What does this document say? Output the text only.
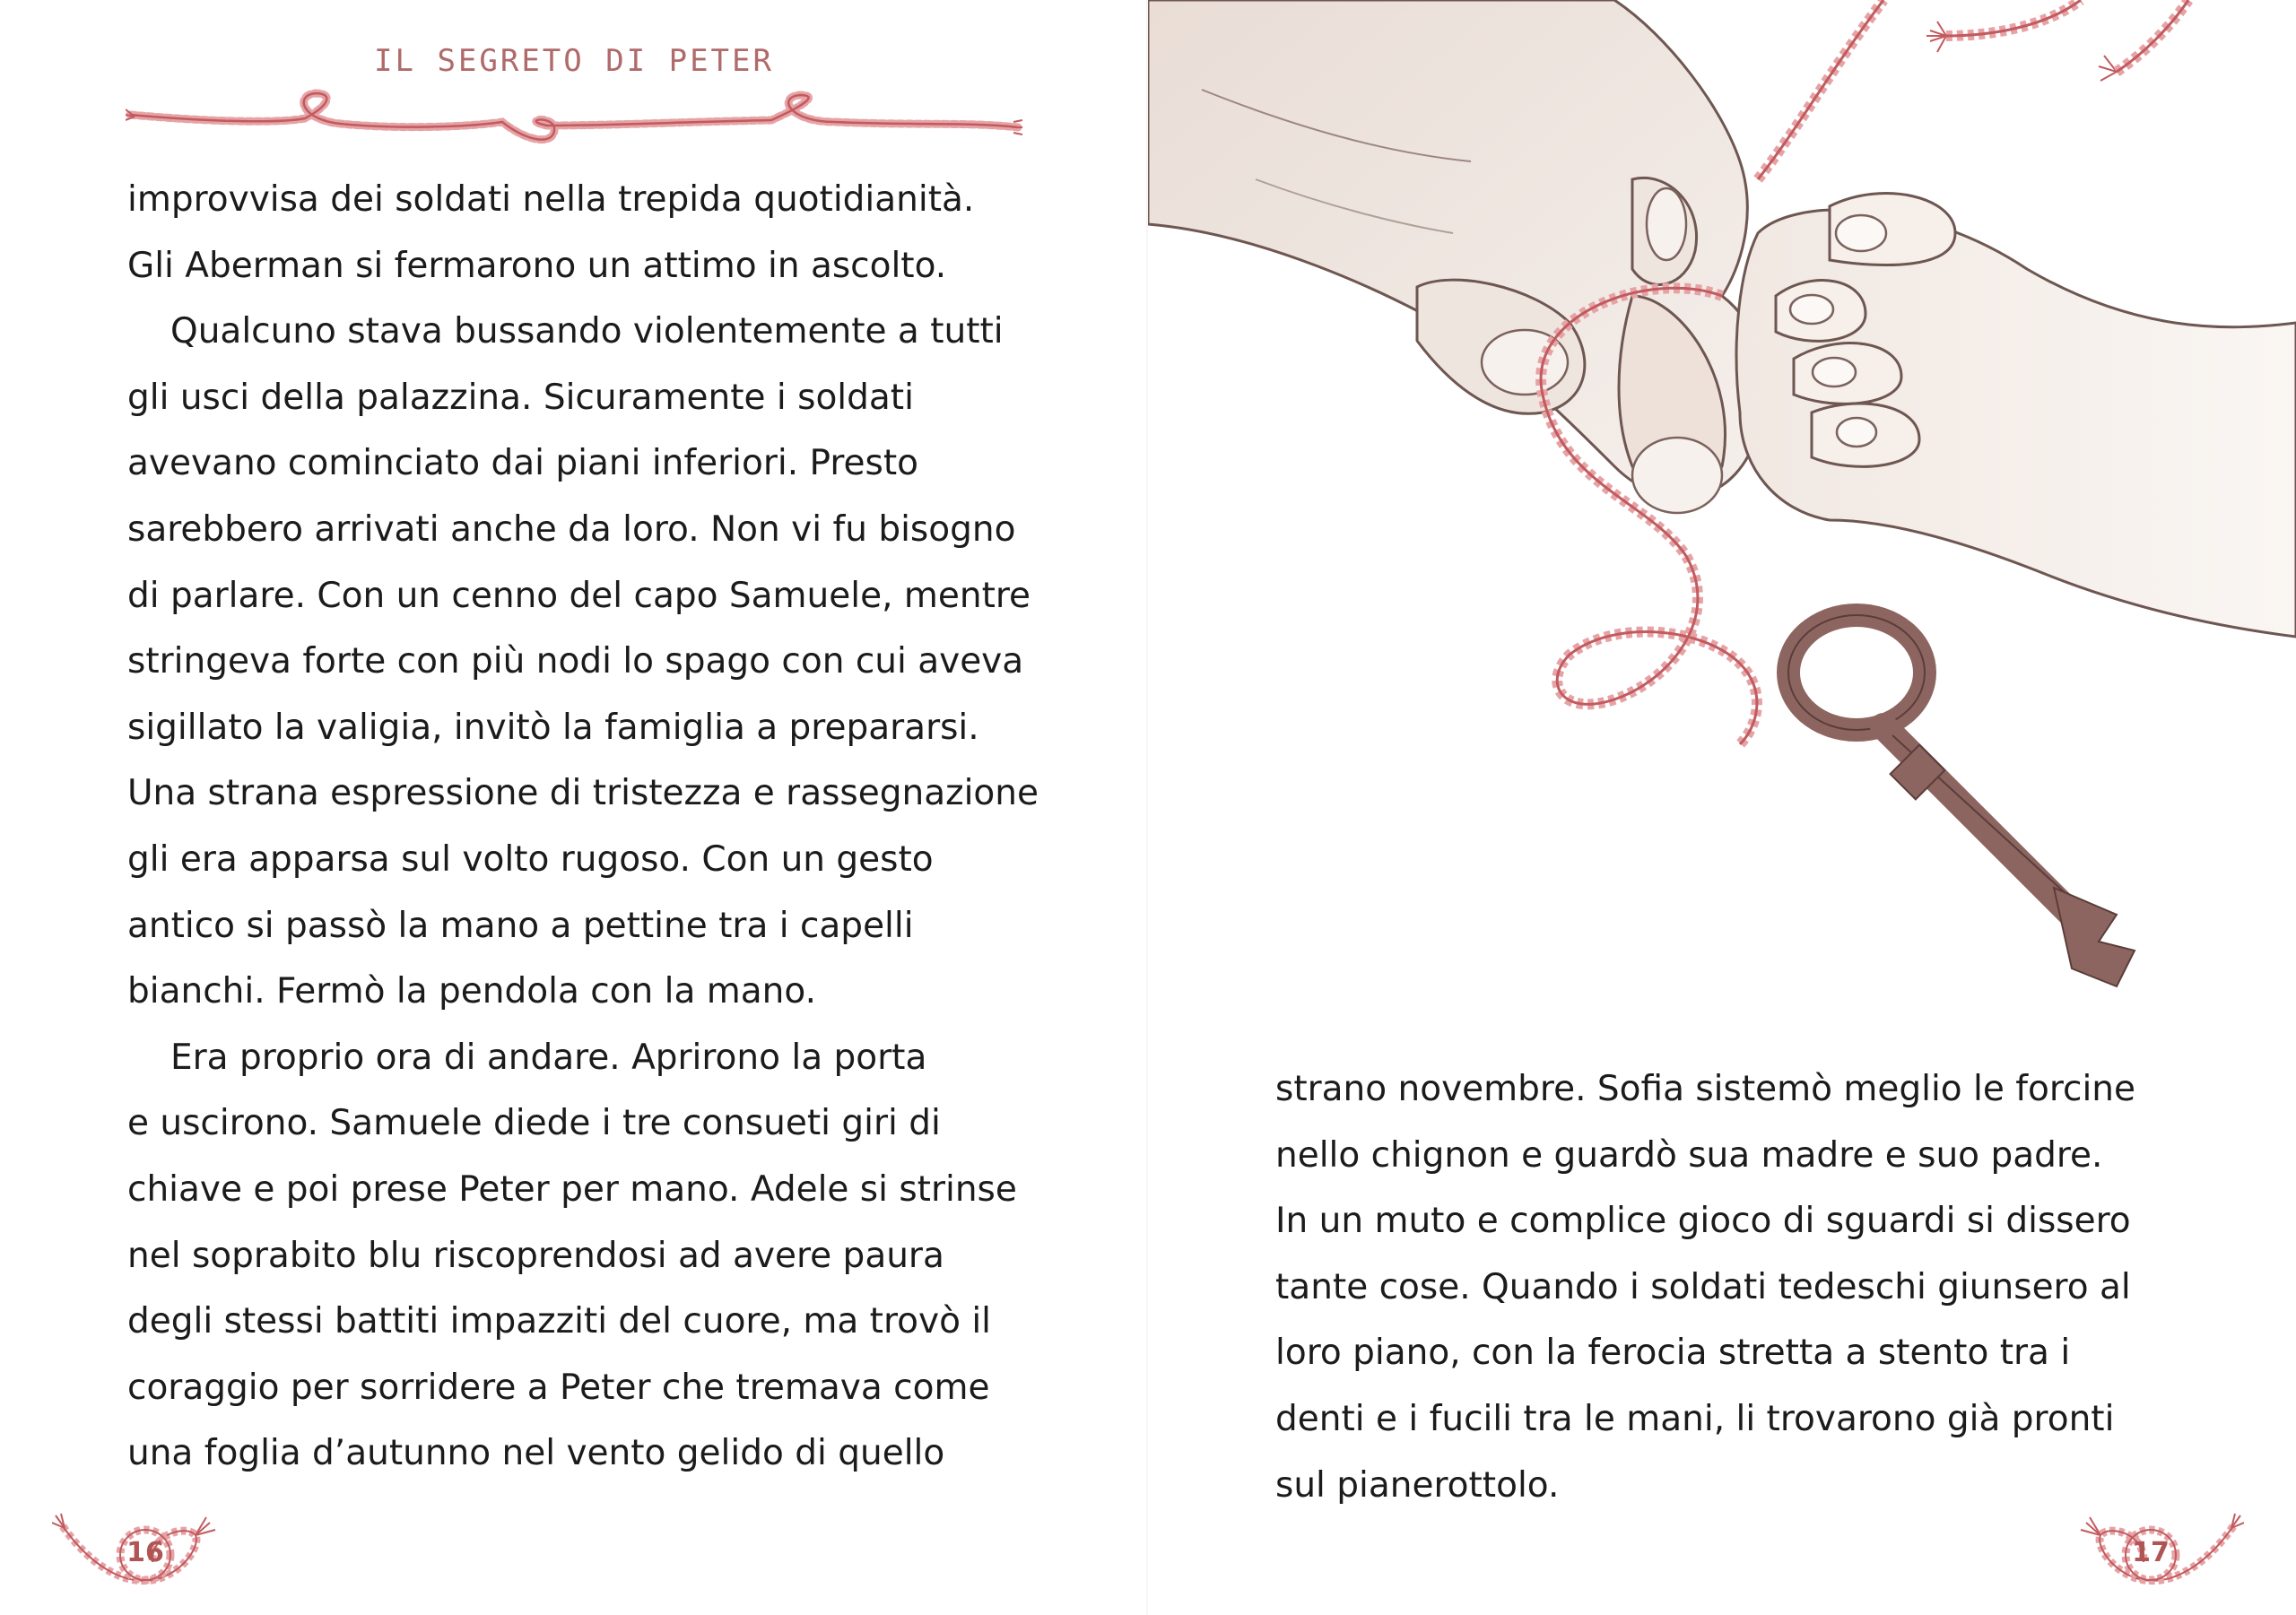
IL SEGRETO DI PETER
improvvisa dei soldati nella trepida quotidianità.
Gli Aberman si fermarono un attimo in ascolto.
Qualcuno stava bussando violentemente a tutti
gli usci della palazzina. Sicuramente i soldati
avevano cominciato dai piani inferiori. Presto
sarebbero arrivati anche da loro. Non vi fu bisogno
di parlare. Con un cenno del capo Samuele, mentre
stringeva forte con più nodi lo spago con cui aveva
sigillato la valigia, invitò la famiglia a prepararsi.
Una strana espressione di tristezza e rassegnazione
gli era apparsa sul volto rugoso. Con un gesto
antico si passò la mano a pettine tra i capelli
bianchi. Fermò la pendola con la mano.
Era proprio ora di andare. Aprirono la porta
e uscirono. Samuele diede i tre consueti giri di
chiave e poi prese Peter per mano. Adele si strinse
nel soprabito blu riscoprendosi ad avere paura
degli stessi battiti impazziti del cuore, ma trovò il
coraggio per sorridere a Peter che tremava come
una foglia d’autunno nel vento gelido di quello
16
strano novembre. Sofia sistemò meglio le forcine
nello chignon e guardò sua madre e suo padre.
In un muto e complice gioco di sguardi si dissero
tante cose. Quando i soldati tedeschi giunsero al
loro piano, con la ferocia stretta a stento tra i
denti e i fucili tra le mani, li trovarono già pronti
sul pianerottolo.
17
